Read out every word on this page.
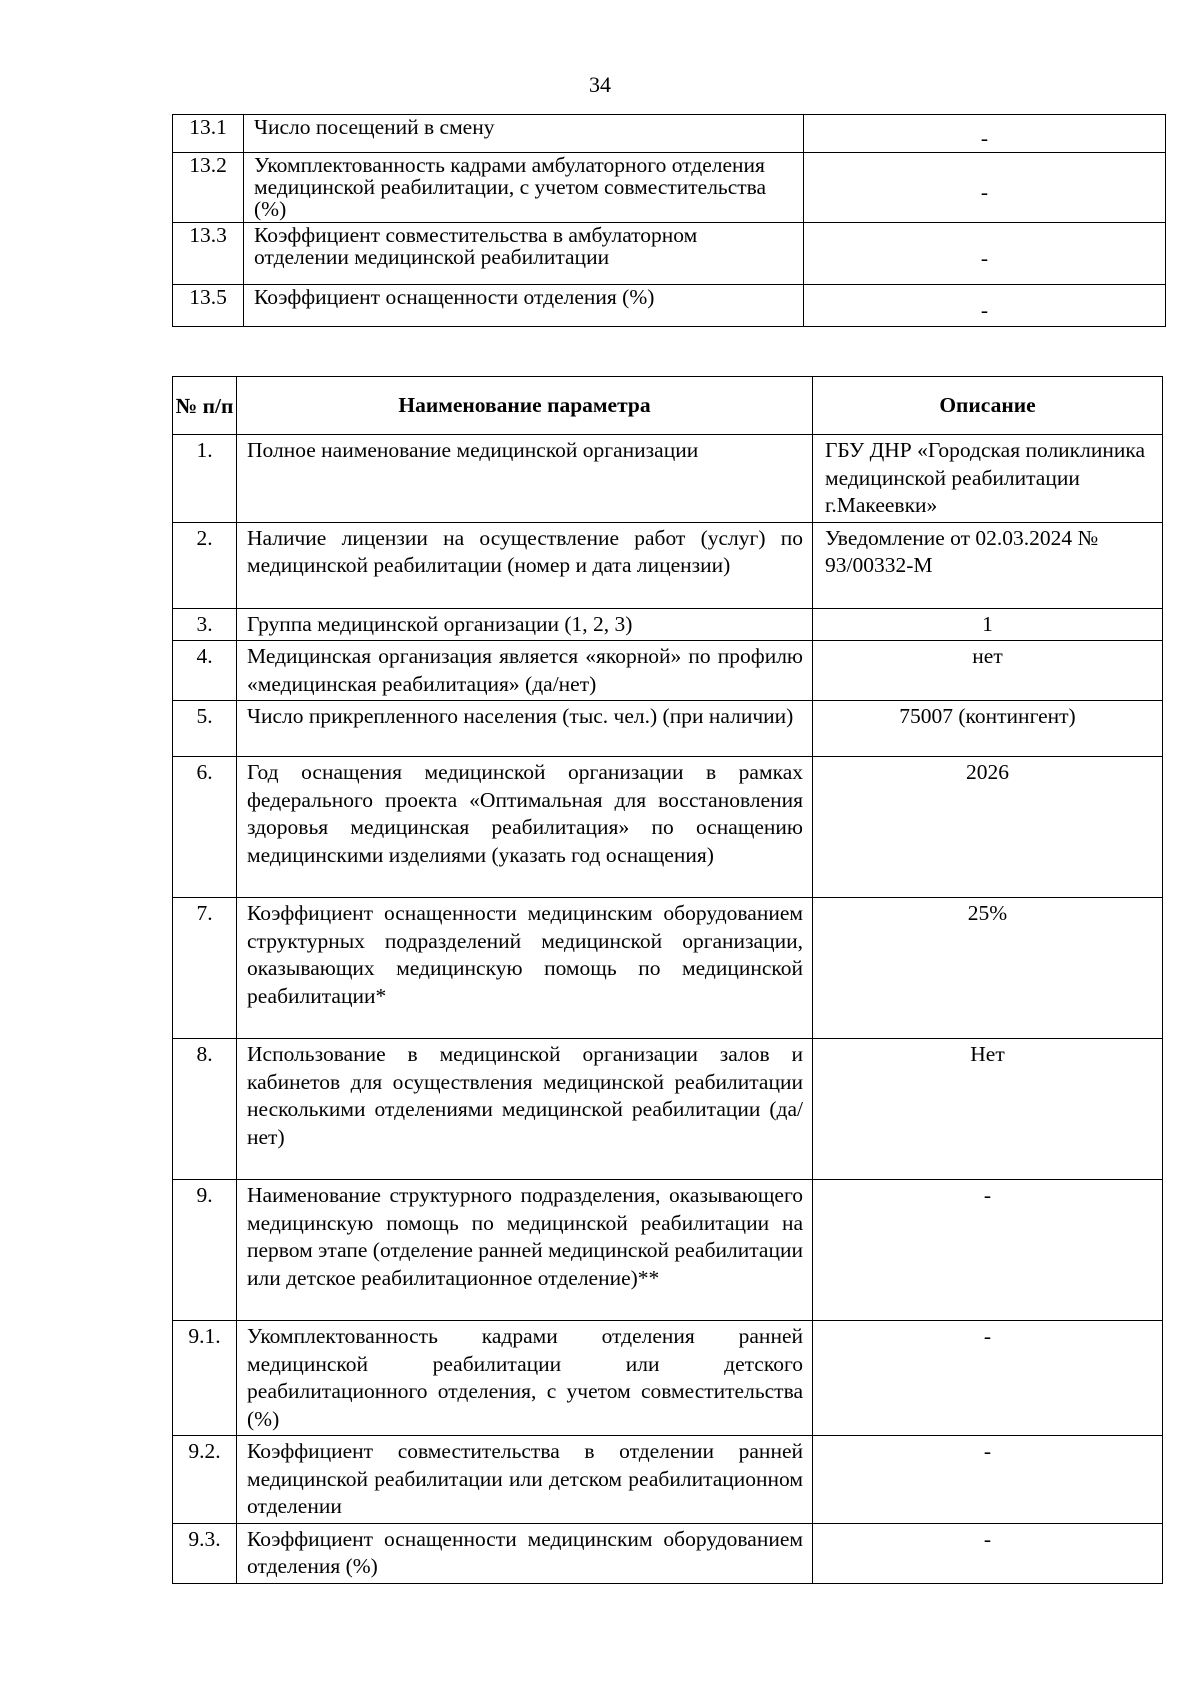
34
13.1	Число посещений в смену	-
13.2	Укомплектованность кадрами амбулаторного отделения медицинской реабилитации, с учетом совместительства (%)	-
13.3	Коэффициент совместительства в амбулаторном отделении медицинской реабилитации	-
13.5	Коэффициент оснащенности отделения (%)	-
№ п/п	Наименование параметра	Описание
1.	Полное наименование медицинской организации	ГБУ ДНР «Городская поликлиника медицинской реабилитации г.Макеевки»
2.	Наличие лицензии на осуществление работ (услуг) по медицинской реабилитации (номер и дата лицензии)	Уведомление от 02.03.2024 № 93/00332-М
3.	Группа медицинской организации (1, 2, 3)	1
4.	Медицинская организация является «якорной» по профилю «медицинская реабилитация» (да/нет)	нет
5.	Число прикрепленного населения (тыс. чел.) (при наличии)	75007 (контингент)
6.	Год оснащения медицинской организации в рамках федерального проекта «Оптимальная для восстановления здоровья медицинская реабилитация» по оснащению медицинскими изделиями (указать год оснащения)	2026
7.	Коэффициент оснащенности медицинским оборудованием структурных подразделений медицинской организации, оказывающих медицинскую помощь по медицинской реабилитации*	25%
8.	Использование в медицинской организации залов и кабинетов для осуществления медицинской реабилитации несколькими отделениями медицинской реабилитации (да/нет)	Нет
9.	Наименование структурного подразделения, оказывающего медицинскую помощь по медицинской реабилитации на первом этапе (отделение ранней медицинской реабилитации или детское реабилитационное отделение)**	-
9.1.	Укомплектованность кадрами отделения ранней медицинской реабилитации или детского реабилитационного отделения, с учетом совместительства (%)	-
9.2.	Коэффициент совместительства в отделении ранней медицинской реабилитации или детском реабилитационном отделении	-
9.3.	Коэффициент оснащенности медицинским оборудованием отделения (%)	-
